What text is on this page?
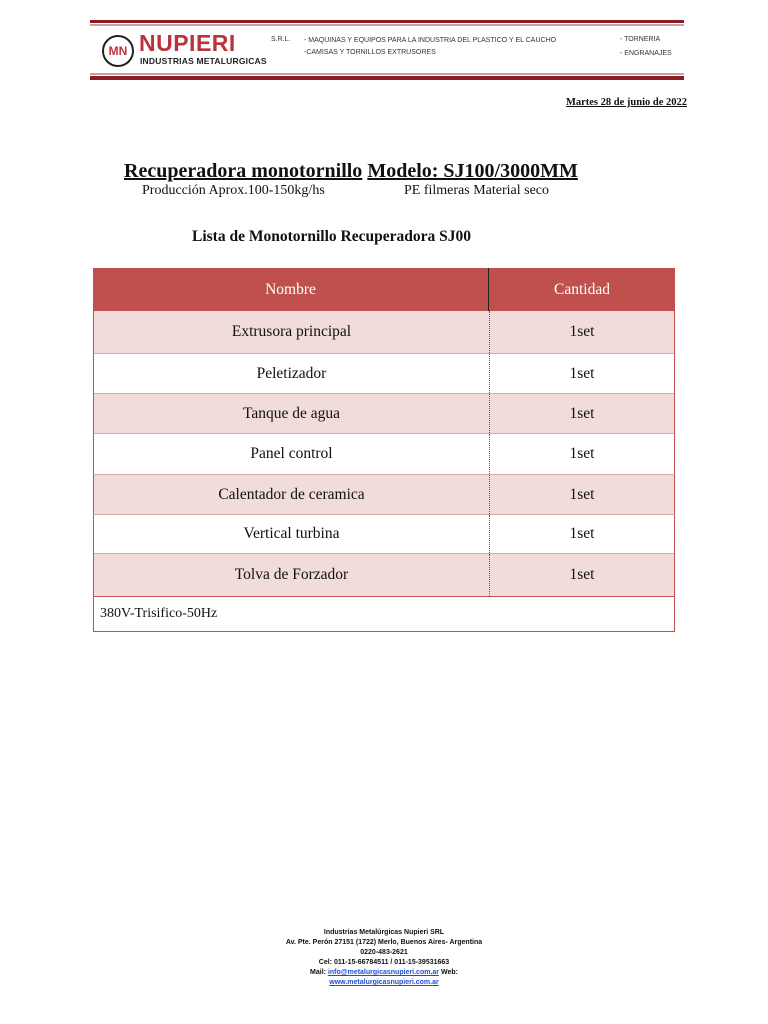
MN NUPIERI	S.R.L.
INDUSTRIAS METALURGICAS
- MAQUINAS Y EQUIPOS PARA LA INDUSTRIA DEL PLASTICO Y EL CAUCHO
-CAMISAS Y TORNILLOS EXTRUSORES
- TORNERIA
- ENGRANAJES
Martes 28 de junio de 2022
Recuperadora monotornillo Modelo: SJ100/3000MM
Producción Aprox.100-150kg/hs	PE filmeras Material seco
Lista de Monotornillo Recuperadora SJ00
Nombre	Cantidad
Extrusora principal	1set
Peletizador	1set
Tanque de agua	1set
Panel control	1set
Calentador de ceramica	1set
Vertical turbina	1set
Tolva de Forzador	1set
380V-Trisifico-50Hz
Industrias Metalúrgicas Nupieri SRL
Av. Pte. Perón 27151 (1722) Merlo, Buenos Aires- Argentina
0220-483-2621
Cel: 011-15-66784511 / 011-15-39531663
Mail: info@metalurgicasnupieri.com.ar Web:
www.metalurgicasnupieri.com.ar
